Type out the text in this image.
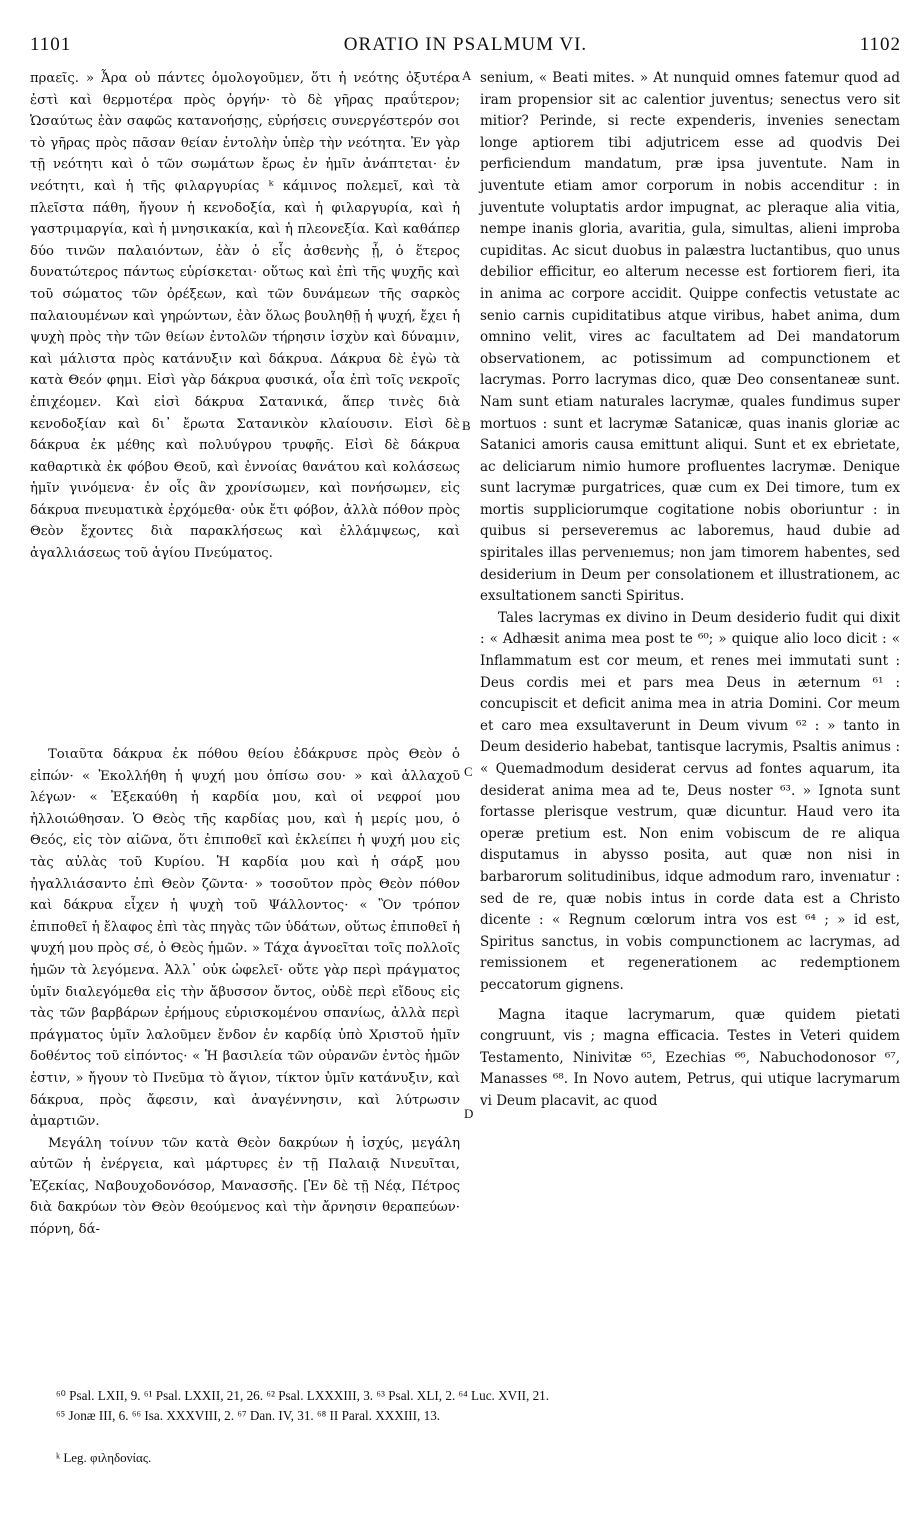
1101	ORATIO IN PSALMUM VI.	1102

πραεῖς. » Ἆρα οὐ πάντες ὁμολογοῦμεν, ὅτι ἡ νεότης ὀξυτέρα ἐστὶ καὶ θερμοτέρα πρὸς ὀργήν· τὸ δὲ γῆρας πραΰτερον; Ὡσαύτως ἐὰν σαφῶς κατανοήσῃς, εὑρήσεις συνεργέστερόν σοι τὸ γῆρας πρὸς πᾶσαν θείαν ἐντολὴν ὑπὲρ τὴν νεότητα. Ἐν γὰρ τῇ νεότητι καὶ ὁ τῶν σωμάτων ἔρως ἐν ἡμῖν ἀνάπτεται· ἐν νεότητι, καὶ ἡ τῆς φιλαργυρίας ᵏ κάμινος πολεμεῖ, καὶ τὰ πλεῖστα πάθη, ἤγουν ἡ κενοδοξία, καὶ ἡ φιλαργυρία, καὶ ἡ γαστριμαργία, καὶ ἡ μνησικακία, καὶ ἡ πλεονεξία. Καὶ καθάπερ δύο τινῶν παλαιόντων, ἐὰν ὁ εἷς ἀσθενὴς ᾖ, ὁ ἕτερος δυνατώτερος πάντως εὑρίσκεται· οὕτως καὶ ἐπὶ τῆς ψυχῆς καὶ τοῦ σώματος τῶν ὀρέξεων, καὶ τῶν δυνάμεων τῆς σαρκὸς παλαιουμένων καὶ γηρώντων, ἐὰν ὅλως βουληθῇ ἡ ψυχή, ἔχει ἡ ψυχὴ πρὸς τὴν τῶν θείων ἐντολῶν τήρησιν ἰσχὺν καὶ δύναμιν, καὶ μάλιστα πρὸς κατάνυξιν καὶ δάκρυα. Δάκρυα δὲ ἐγὼ τὰ κατὰ Θεόν φημι. Εἰσὶ γὰρ δάκρυα φυσικά, οἷα ἐπὶ τοῖς νεκροῖς ἐπιχέομεν. Καὶ εἰσὶ δάκρυα Σατανικά, ἅπερ τινὲς διὰ κενοδοξίαν καὶ δι᾽ ἔρωτα Σατανικὸν κλαίουσιν. Εἰσὶ δὲ δάκρυα ἐκ μέθης καὶ πολυύγρου τρυφῆς. Εἰσὶ δὲ δάκρυα καθαρτικὰ ἐκ φόβου Θεοῦ, καὶ ἐννοίας θανάτου καὶ κολάσεως ἡμῖν γινόμενα· ἐν οἷς ἂν χρονίσωμεν, καὶ πονήσωμεν, εἰς δάκρυα πνευματικὰ ἐρχόμεθα· οὐκ ἔτι φόβον, ἀλλὰ πόθον πρὸς Θεὸν ἔχοντες διὰ παρακλήσεως καὶ ἐλλάμψεως, καὶ ἀγαλλιάσεως τοῦ ἁγίου Πνεύματος.

Τοιαῦτα δάκρυα ἐκ πόθου θείου ἐδάκρυσε πρὸς Θεὸν ὁ εἰπών· « Ἐκολλήθη ἡ ψυχή μου ὀπίσω σου· » καὶ ἀλλαχοῦ λέγων· « Ἐξεκαύθη ἡ καρδία μου, καὶ οἱ νεφροί μου ἠλλοιώθησαν. Ὁ Θεὸς τῆς καρδίας μου, καὶ ἡ μερίς μου, ὁ Θεός, εἰς τὸν αἰῶνα, ὅτι ἐπιποθεῖ καὶ ἐκλείπει ἡ ψυχή μου εἰς τὰς αὐλὰς τοῦ Κυρίου. Ἡ καρδία μου καὶ ἡ σάρξ μου ἠγαλλιάσαντο ἐπὶ Θεὸν ζῶντα· » τοσοῦτον πρὸς Θεὸν πόθον καὶ δάκρυα εἶχεν ἡ ψυχὴ τοῦ Ψάλλοντος· « Ὃν τρόπον ἐπιποθεῖ ἡ ἔλαφος ἐπὶ τὰς πηγὰς τῶν ὑδάτων, οὕτως ἐπιποθεῖ ἡ ψυχή μου πρὸς σέ, ὁ Θεὸς ἡμῶν. » Τάχα ἀγνοεῖται τοῖς πολλοῖς ἡμῶν τὰ λεγόμενα. Ἀλλ᾽ οὐκ ὠφελεῖ· οὔτε γὰρ περὶ πράγματος ὑμῖν διαλεγόμεθα εἰς τὴν ἄβυσσον ὄντος, οὐδὲ περὶ εἴδους εἰς τὰς τῶν βαρβάρων ἐρήμους εὑρισκομένου σπανίως, ἀλλὰ περὶ πράγματος ὑμῖν λαλοῦμεν ἔνδον ἐν καρδίᾳ ὑπὸ Χριστοῦ ἡμῖν δοθέντος τοῦ εἰπόντος· « Ἡ βασιλεία τῶν οὐρανῶν ἐντὸς ἡμῶν ἐστιν, » ἤγουν τὸ Πνεῦμα τὸ ἅγιον, τίκτον ὑμῖν κατάνυξιν, καὶ δάκρυα, πρὸς ἄφεσιν, καὶ ἀναγέννησιν, καὶ λύτρωσιν ἁμαρτιῶν.

Μεγάλη τοίνυν τῶν κατὰ Θεὸν δακρύων ἡ ἰσχύς, μεγάλη αὐτῶν ἡ ἐνέργεια, καὶ μάρτυρες ἐν τῇ Παλαιᾷ Νινευῖται, Ἐζεκίας, Ναβουχοδονόσορ, Μανασσῆς. [Ἐν δὲ τῇ Νέᾳ, Πέτρος διὰ δακρύων τὸν Θεὸν θεούμενος καὶ τὴν ἄρνησιν θεραπεύων· πόρνη, δά-

A
B
C
D

senium, « Beati mites. » At nunquid omnes fatemur quod ad iram propensior sit ac calentior juventus; senectus vero sit mitior? Perinde, si recte expenderis, invenies senectam longe aptiorem tibi adjutricem esse ad quodvis Dei perficiendum mandatum, præ ipsa juventute. Nam in juventute etiam amor corporum in nobis accenditur : in juventute voluptatis ardor impugnat, ac pleraque alia vitia, nempe inanis gloria, avaritia, gula, simultas, alieni improba cupiditas. Ac sicut duobus in palæstra luctantibus, quo unus debilior efficitur, eo alterum necesse est fortiorem fieri, ita in anima ac corpore accidit. Quippe confectis vetustate ac senio carnis cupiditatibus atque viribus, habet anima, dum omnino velit, vires ac facultatem ad Dei mandatorum observationem, ac potissimum ad compunctionem et lacrymas. Porro lacrymas dico, quæ Deo consentaneæ sunt. Nam sunt etiam naturales lacrymæ, quales fundimus super mortuos : sunt et lacrymæ Satanicæ, quas inanis gloriæ ac Satanici amoris causa emittunt aliqui. Sunt et ex ebrietate, ac deliciarum nimio humore profluentes lacrymæ. Denique sunt lacrymæ purgatrices, quæ cum ex Dei timore, tum ex mortis suppliciorumque cogitatione nobis oboriuntur : in quibus si perseveremus ac laboremus, haud dubie ad spiritales illas pervenıemus; non jam timorem habentes, sed desiderium in Deum per consolationem et illustrationem, ac exsultationem sancti Spiritus.

Tales lacrymas ex divino in Deum desiderio fudit qui dixit : « Adhæsit anima mea post te ⁶⁰; » quique alio loco dicit : « Inflammatum est cor meum, et renes mei immutati sunt : Deus cordis mei et pars mea Deus in æternum ⁶¹ : concupiscit et deficit anima mea in atria Domini. Cor meum et caro mea exsultaverunt in Deum vivum ⁶² : » tanto in Deum desiderio habebat, tantisque lacrymis, Psaltis animus : « Quemadmodum desiderat cervus ad fontes aquarum, ita desiderat anima mea ad te, Deus noster ⁶³. » Ignota sunt fortasse plerisque vestrum, quæ dicuntur. Haud vero ita operæ pretium est. Non enim vobiscum de re aliqua disputamus in abysso posita, aut quæ non nisi in barbarorum solitudinibus, idque admodum raro, invenıatur : sed de re, quæ nobis intus in corde data est a Christo dicente : « Regnum cœlorum intra vos est ⁶⁴ ; » id est, Spiritus sanctus, in vobis compunctionem ac lacrymas, ad remissionem et regenerationem ac redemptionem peccatorum gignens.

Magna itaque lacrymarum, quæ quidem pietati congruunt, vis ; magna efficacia. Testes in Veteri quidem Testamento, Ninivitæ ⁶⁵, Ezechias ⁶⁶, Nabuchodonosor ⁶⁷, Manasses ⁶⁸. In Novo autem, Petrus, qui utique lacrymarum vi Deum placavit, ac quod

⁶⁰ Psal. LXII, 9. ⁶¹ Psal. LXXII, 21, 26. ⁶² Psal. LXXXIII, 3. ⁶³ Psal. XLI, 2. ⁶⁴ Luc. XVII, 21.

⁶⁵ Jonæ III, 6. ⁶⁶ Isa. XXXVIII, 2. ⁶⁷ Dan. IV, 31. ⁶⁸ II Paral. XXXIII, 13.

ᵏ Leg. φιληδονίας.
